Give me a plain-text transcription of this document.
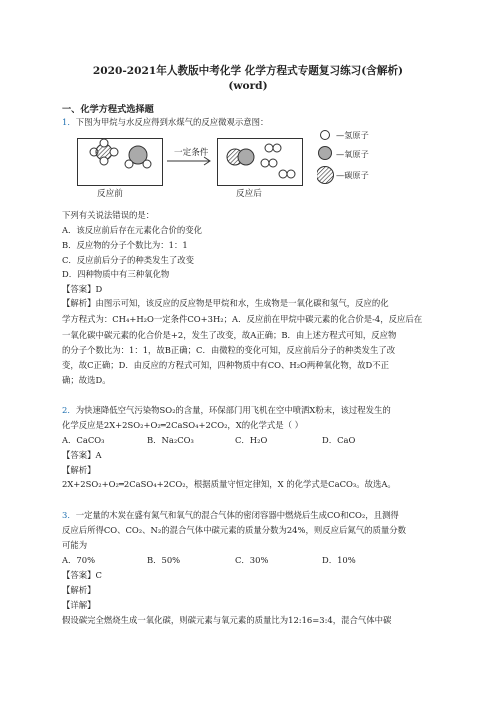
2020-2021年人教版中考化学 化学方程式专题复习练习(含解析)
(word)
一、化学方程式选择题
1．下图为甲烷与水反应得到水煤气的反应微观示意图：
反应前
一定条件
反应后
—氢原子
—氧原子
—碳原子
下列有关说法错误的是：
A．该反应前后存在元素化合价的变化
B．反应物的分子个数比为：1：1
C．反应前后分子的种类发生了改变
D．四种物质中有三种氧化物
【答案】D
【解析】由图示可知，该反应的反应物是甲烷和水，生成物是一氧化碳和氢气，反应的化
学方程式为：CH₄+H₂O一定条件CO+3H₂；A．反应前在甲烷中碳元素的化合价是-4，反应后在
一氧化碳中碳元素的化合价是+2，发生了改变，故A正确；B．由上述方程式可知，反应物
的分子个数比为：1：1，故B正确；C．由微粒的变化可知，反应前后分子的种类发生了改
变，故C正确；D．由反应的方程式可知，四种物质中有CO、H₂O两种氧化物，故D不正
确；故选D。
2．为快速降低空气污染物SO₂的含量，环保部门用飞机在空中喷洒X粉末，该过程发生的
化学反应是2X+2SO₂+O₂═2CaSO₄+2CO₂，X的化学式是（ ）
A．CaCO₃	B．Na₂CO₃	C．H₂O	D．CaO
【答案】A
【解析】
2X+2SO₂+O₂═2CaSO₄+2CO₂，根据质量守恒定律知，X 的化学式是CaCO₃。故选A。
3．一定量的木炭在盛有氮气和氧气的混合气体的密闭容器中燃烧后生成CO和CO₂，且测得
反应后所得CO、CO₂、N₂的混合气体中碳元素的质量分数为24%，则反应后氮气的质量分数
可能为
A．70%	B．50%	C．30%	D．10%
【答案】C
【解析】
【详解】
假设碳完全燃烧生成一氧化碳，则碳元素与氧元素的质量比为12:16=3:4，混合气体中碳
